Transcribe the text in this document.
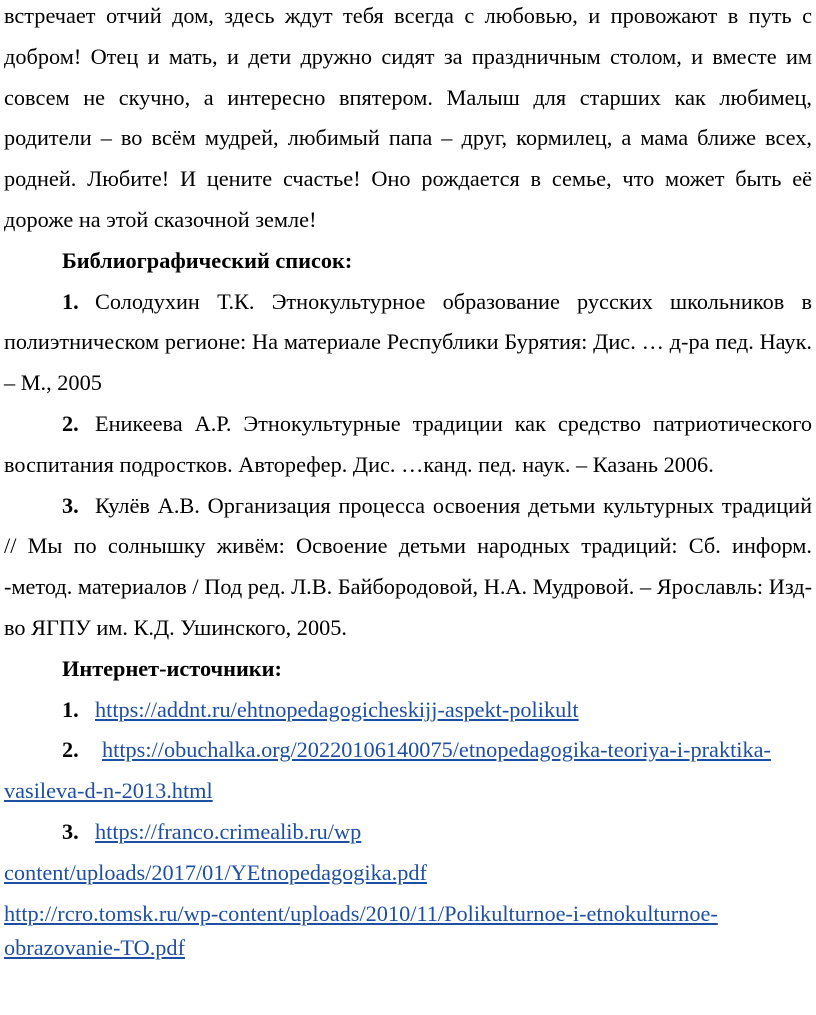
встречает отчий дом, здесь ждут тебя всегда с любовью, и провожают в путь с добром! Отец и мать, и дети дружно сидят за праздничным столом, и вместе им совсем не скучно, а интересно впятером. Малыш для старших как любимец, родители – во всём мудрей, любимый папа – друг, кормилец, а мама ближе всех, родней. Любите! И цените счастье! Оно рождается в семье, что может быть её дороже на этой сказочной земле!

Библиографический список:

1. Солодухин Т.К. Этнокультурное образование русских школьников в полиэтническом регионе: На материале Республики Бурятия: Дис. … д-ра пед. Наук. – М., 2005

2. Еникеева А.Р. Этнокультурные традиции как средство патриотического воспитания подростков. Авторефер. Дис. …канд. пед. наук. – Казань 2006.

3. Кулёв А.В. Организация процесса освоения детьми культурных традиций // Мы по солнышку живём: Освоение детьми народных традиций: Сб. информ. -метод. материалов / Под ред. Л.В. Байбородовой, Н.А. Мудровой. – Ярославль: Изд-во ЯГПУ им. К.Д. Ушинского, 2005.

Интернет-источники:

1. https://addnt.ru/ehtnopedagogicheskijj-aspekt-polikult

2. https://obuchalka.org/20220106140075/etnopedagogika-teoriya-i-praktika-

vasileva-d-n-2013.html

3. https://franco.crimealib.ru/wp

content/uploads/2017/01/YEtnopedagogika.pdf

http://rcro.tomsk.ru/wp-content/uploads/2010/11/Polikulturnoe-i-etnokulturnoe-

obrazovanie-TO.pdf
